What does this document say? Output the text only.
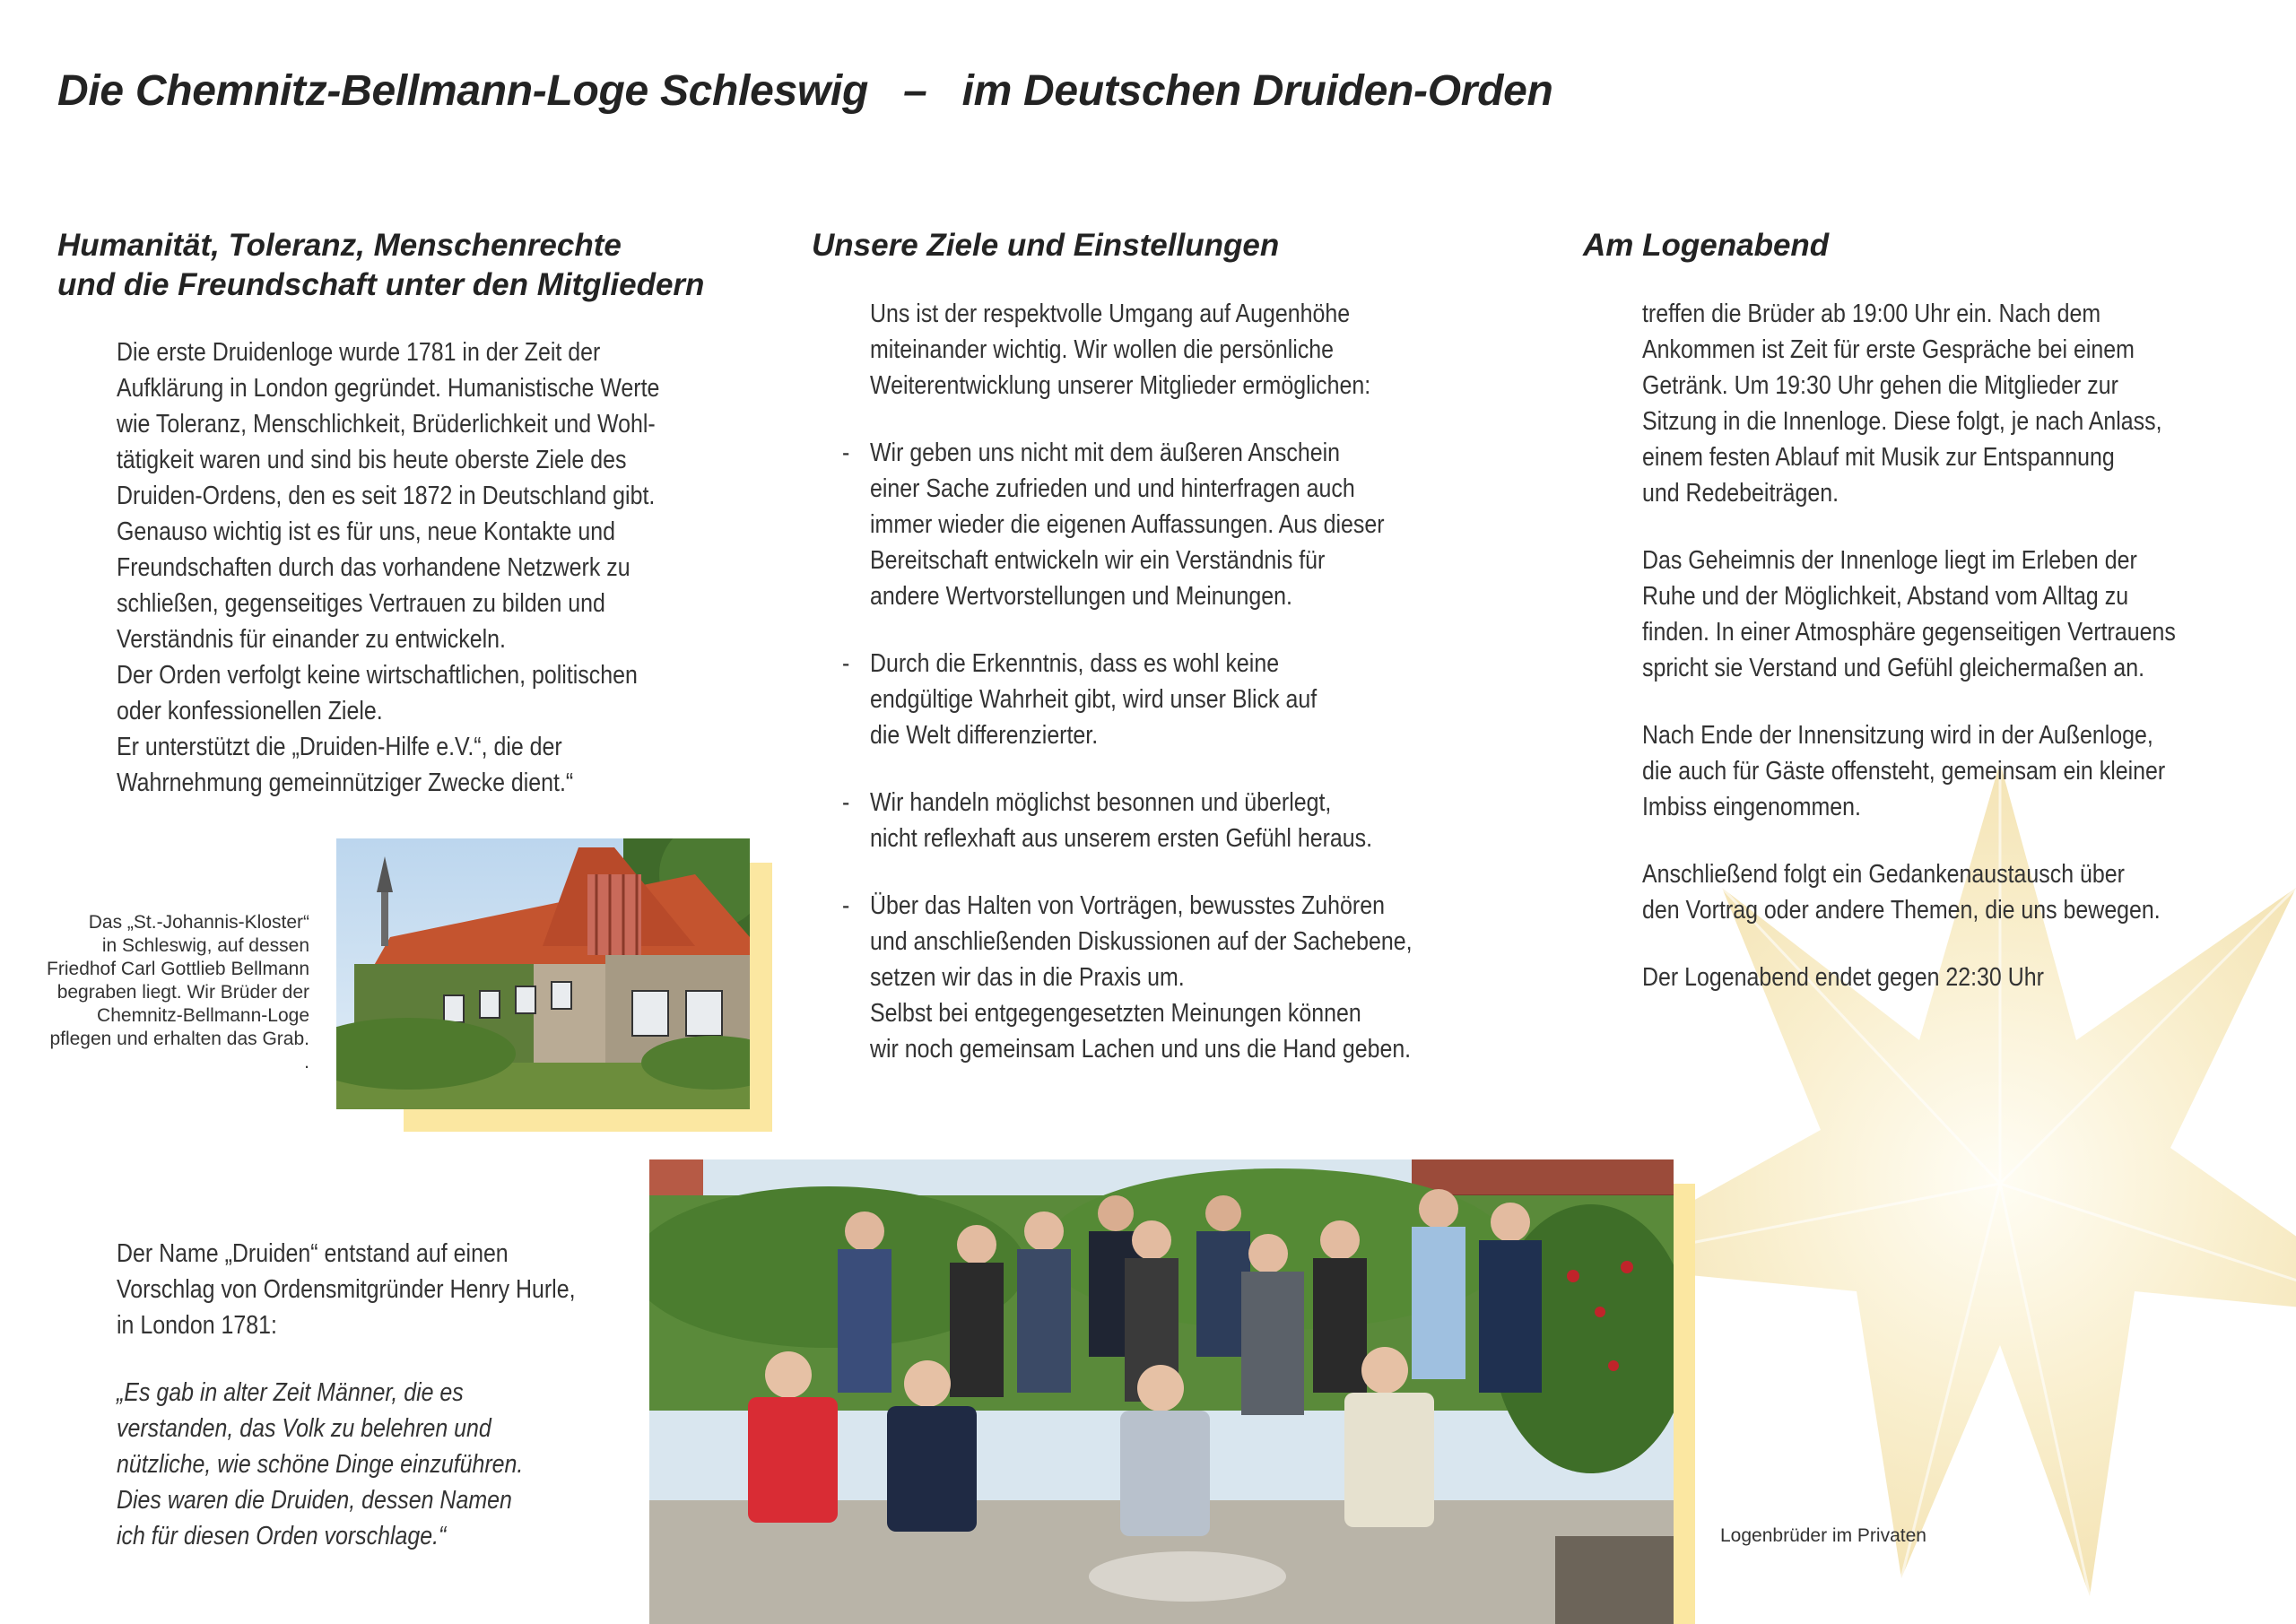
Die Chemnitz-Bellmann-Loge Schleswig   –   im Deutschen Druiden-Orden
Humanität, Toleranz, Menschenrechte
und die Freundschaft unter den Mitgliedern
Die erste Druidenloge wurde 1781 in der Zeit der
Aufklärung in London gegründet. Humanistische Werte
wie Toleranz, Menschlichkeit, Brüderlichkeit und Wohl-
tätigkeit waren und sind bis heute oberste Ziele des
Druiden-Ordens, den es seit 1872 in Deutschland gibt.
Genauso wichtig ist es für uns, neue Kontakte und
Freundschaften durch das vorhandene Netzwerk zu
schließen, gegenseitiges Vertrauen zu bilden und
Verständnis für einander zu entwickeln.
Der Orden verfolgt keine wirtschaftlichen, politischen
oder konfessionellen Ziele.
Er unterstützt die „Druiden-Hilfe e.V.“, die der
Wahrnehmung gemeinnütziger Zwecke dient.“
Das „St.-Johannis-Kloster“
in Schleswig, auf dessen
Friedhof Carl Gottlieb Bellmann
begraben liegt. Wir Brüder der
Chemnitz-Bellmann-Loge
pflegen und erhalten das Grab.
.
Unsere Ziele und Einstellungen
Uns ist der respektvolle Umgang auf Augenhöhe
miteinander wichtig. Wir wollen die persönliche
Weiterentwicklung unserer Mitglieder ermöglichen:
- Wir geben uns nicht mit dem äußeren Anschein
einer Sache zufrieden und und hinterfragen auch
immer wieder die eigenen Auffassungen. Aus dieser
Bereitschaft entwickeln wir ein Verständnis für
andere Wertvorstellungen und Meinungen.
- Durch die Erkenntnis, dass es wohl keine
endgültige Wahrheit gibt, wird unser Blick auf
die Welt differenzierter.
- Wir handeln möglichst besonnen und überlegt,
nicht reflexhaft aus unserem ersten Gefühl heraus.
- Über das Halten von Vorträgen, bewusstes Zuhören
und anschließenden Diskussionen auf der Sachebene,
setzen wir das in die Praxis um.
Selbst bei entgegengesetzten Meinungen können
wir noch gemeinsam Lachen und uns die Hand geben.
Am Logenabend
treffen die Brüder ab 19:00 Uhr ein. Nach dem
Ankommen ist Zeit für erste Gespräche bei einem
Getränk. Um 19:30 Uhr gehen die Mitglieder zur
Sitzung in die Innenloge. Diese folgt, je nach Anlass,
einem festen Ablauf mit Musik zur Entspannung
und Redebeiträgen.
Das Geheimnis der Innenloge liegt im Erleben der
Ruhe und der Möglichkeit, Abstand vom Alltag zu
finden. In einer Atmosphäre gegenseitigen Vertrauens
spricht sie Verstand und Gefühl gleichermaßen an.
Nach Ende der Innensitzung wird in der Außenloge,
die auch für Gäste offensteht, gemeinsam ein kleiner
Imbiss eingenommen.
Anschließend folgt ein Gedankenaustausch über
den Vortrag oder andere Themen, die uns bewegen.
Der Logenabend endet gegen 22:30 Uhr
Der Name „Druiden“ entstand auf einen
Vorschlag von Ordensmitgründer Henry Hurle,
in London 1781:
„Es gab in alter Zeit Männer, die es
verstanden, das Volk zu belehren und
nützliche, wie schöne Dinge einzuführen.
Dies waren die Druiden, dessen Namen
ich für diesen Orden vorschlage.“	Logenbrüder im Privaten
